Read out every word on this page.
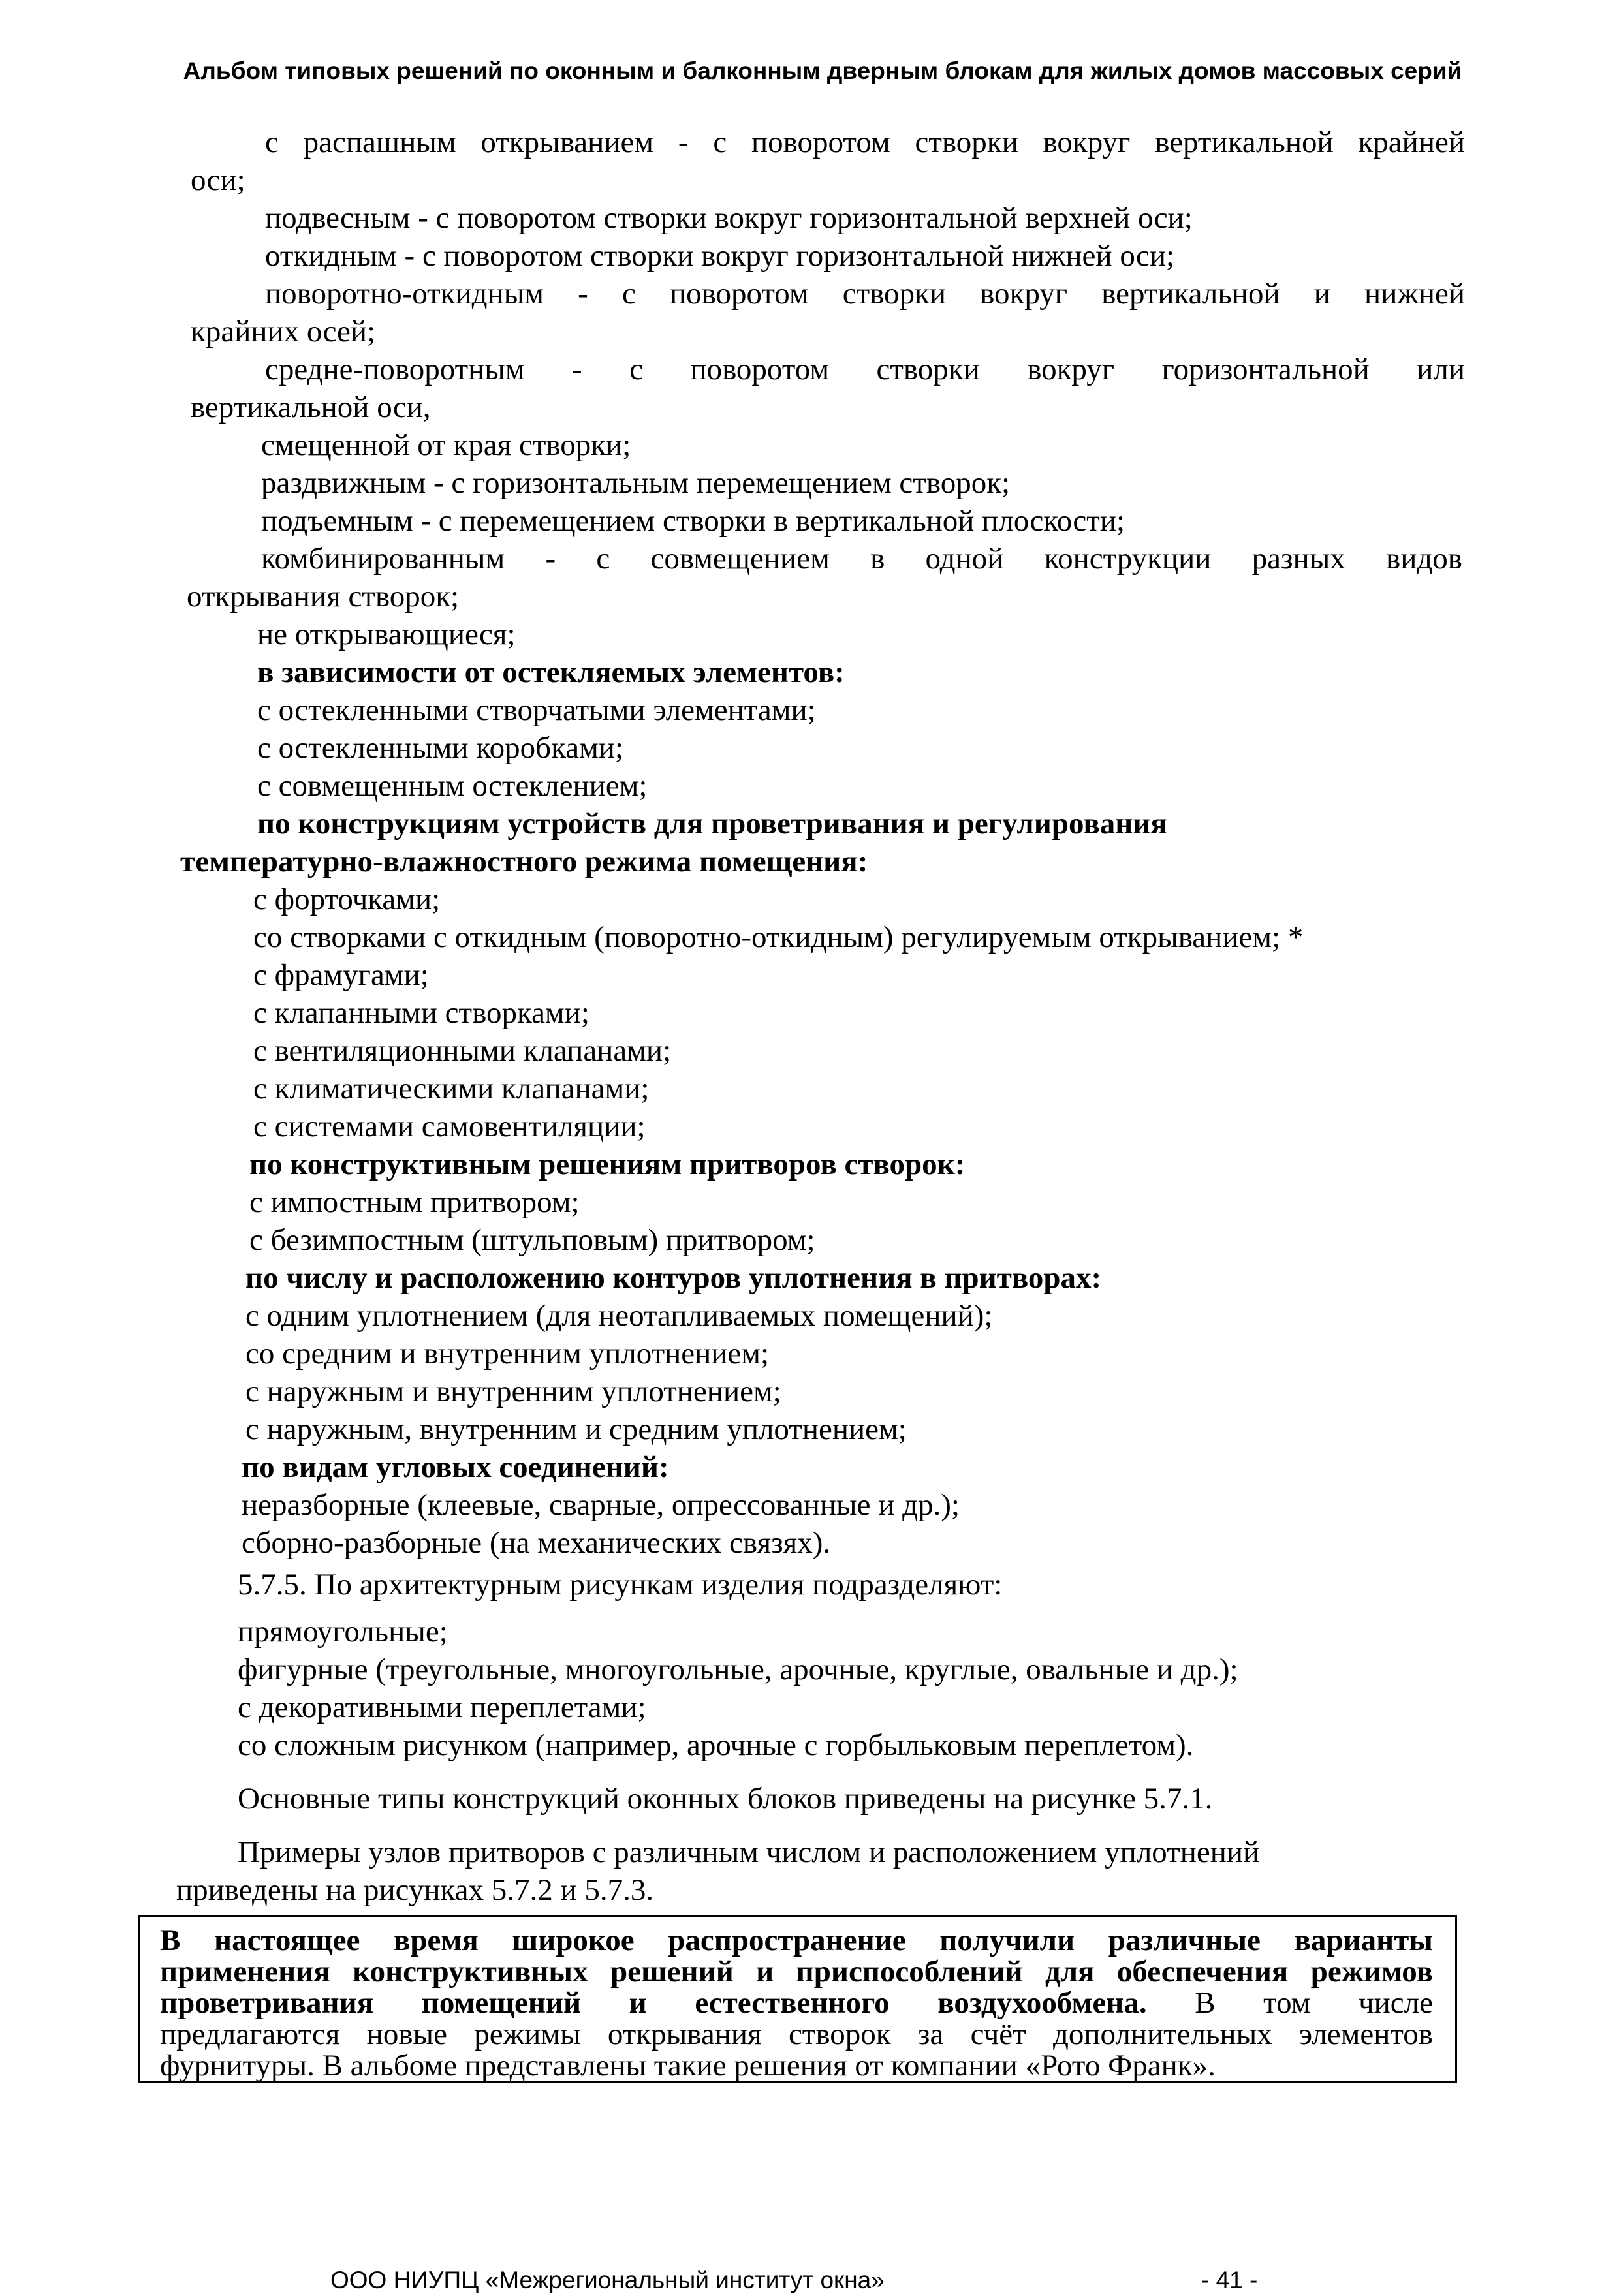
Альбом типовых решений по оконным и балконным дверным блокам для жилых домов массовых серий
с распашным открыванием - с поворотом створки вокруг вертикальной крайней
оси;
подвесным - с поворотом створки вокруг горизонтальной верхней оси;
откидным - с поворотом створки вокруг горизонтальной нижней оси;
поворотно-откидным - с поворотом створки вокруг вертикальной и нижней
крайних осей;
средне-поворотным - с поворотом створки вокруг горизонтальной или
вертикальной оси,
смещенной от края створки;
раздвижным - с горизонтальным перемещением створок;
подъемным - с перемещением створки в вертикальной плоскости;
комбинированным - с совмещением в одной конструкции разных видов
открывания створок;
не открывающиеся;
в зависимости от остекляемых элементов:
с остекленными створчатыми элементами;
с остекленными коробками;
с совмещенным остеклением;
по конструкциям устройств для проветривания и регулирования
температурно-влажностного режима помещения:
с форточками;
со створками с откидным (поворотно-откидным) регулируемым открыванием; *
с фрамугами;
с клапанными створками;
с вентиляционными клапанами;
с климатическими клапанами;
с системами самовентиляции;
по конструктивным решениям притворов створок:
с импостным притвором;
с безимпостным (штульповым) притвором;
по числу и расположению контуров уплотнения в притворах:
с одним уплотнением (для неотапливаемых помещений);
со средним и внутренним уплотнением;
с наружным и внутренним уплотнением;
с наружным, внутренним и средним уплотнением;
по видам угловых соединений:
неразборные (клеевые, сварные, опрессованные и др.);
сборно-разборные (на механических связях).
5.7.5. По архитектурным рисункам изделия подразделяют:
прямоугольные;
фигурные (треугольные, многоугольные, арочные, круглые, овальные и др.);
с декоративными переплетами;
со сложным рисунком (например, арочные с горбыльковым переплетом).
Основные типы конструкций оконных блоков приведены на рисунке 5.7.1.
Примеры узлов притворов с различным числом и расположением уплотнений
приведены на рисунках 5.7.2 и 5.7.3.
В настоящее время широкое распространение получили различные варианты
применения конструктивных решений и приспособлений для обеспечения режимов
проветривания помещений и естественного воздухообмена. В том числе
предлагаются новые режимы открывания створок за счёт дополнительных элементов
фурнитуры. В альбоме представлены такие решения от компании «Рото Франк».
ООО НИУПЦ «Межрегиональный институт окна»	- 41 -
